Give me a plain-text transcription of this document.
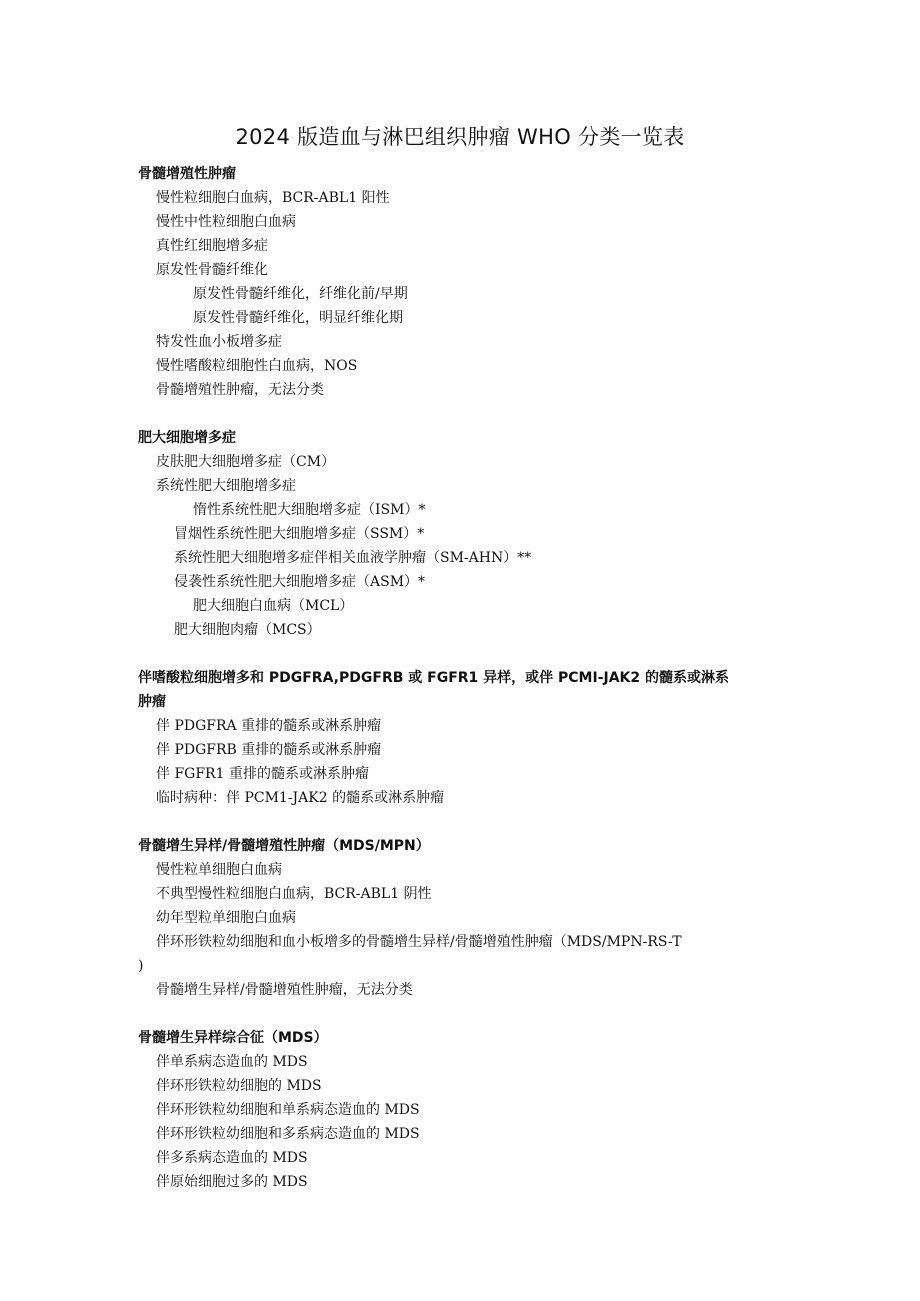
2024 版造血与淋巴组织肿瘤 WHO 分类一览表
骨髓增殖性肿瘤
慢性粒细胞白血病，BCR-ABL1 阳性
慢性中性粒细胞白血病
真性红细胞增多症
原发性骨髓纤维化
原发性骨髓纤维化，纤维化前/早期
原发性骨髓纤维化，明显纤维化期
特发性血小板增多症
慢性嗜酸粒细胞性白血病，NOS
骨髓增殖性肿瘤，无法分类
肥大细胞增多症
皮肤肥大细胞增多症（CM）
系统性肥大细胞增多症
惰性系统性肥大细胞增多症（ISM）*
冒烟性系统性肥大细胞增多症（SSM）*
系统性肥大细胞增多症伴相关血液学肿瘤（SM-AHN）**
侵袭性系统性肥大细胞增多症（ASM）*
肥大细胞白血病（MCL）
肥大细胞肉瘤（MCS）
伴嗜酸粒细胞增多和 PDGFRA,PDGFRB 或 FGFR1 异样，或伴 PCMI-JAK2 的髓系或淋系
肿瘤
伴 PDGFRA 重排的髓系或淋系肿瘤
伴 PDGFRB 重排的髓系或淋系肿瘤
伴 FGFR1 重排的髓系或淋系肿瘤
临时病种：伴 PCM1-JAK2 的髓系或淋系肿瘤
骨髓增生异样/骨髓增殖性肿瘤（MDS/MPN）
慢性粒单细胞白血病
不典型慢性粒细胞白血病，BCR-ABL1 阴性
幼年型粒单细胞白血病
伴环形铁粒幼细胞和血小板增多的骨髓增生异样/骨髓增殖性肿瘤（MDS/MPN-RS-T
)
骨髓增生异样/骨髓增殖性肿瘤，无法分类
骨髓增生异样综合征（MDS）
伴单系病态造血的 MDS
伴环形铁粒幼细胞的 MDS
伴环形铁粒幼细胞和单系病态造血的 MDS
伴环形铁粒幼细胞和多系病态造血的 MDS
伴多系病态造血的 MDS
伴原始细胞过多的 MDS
